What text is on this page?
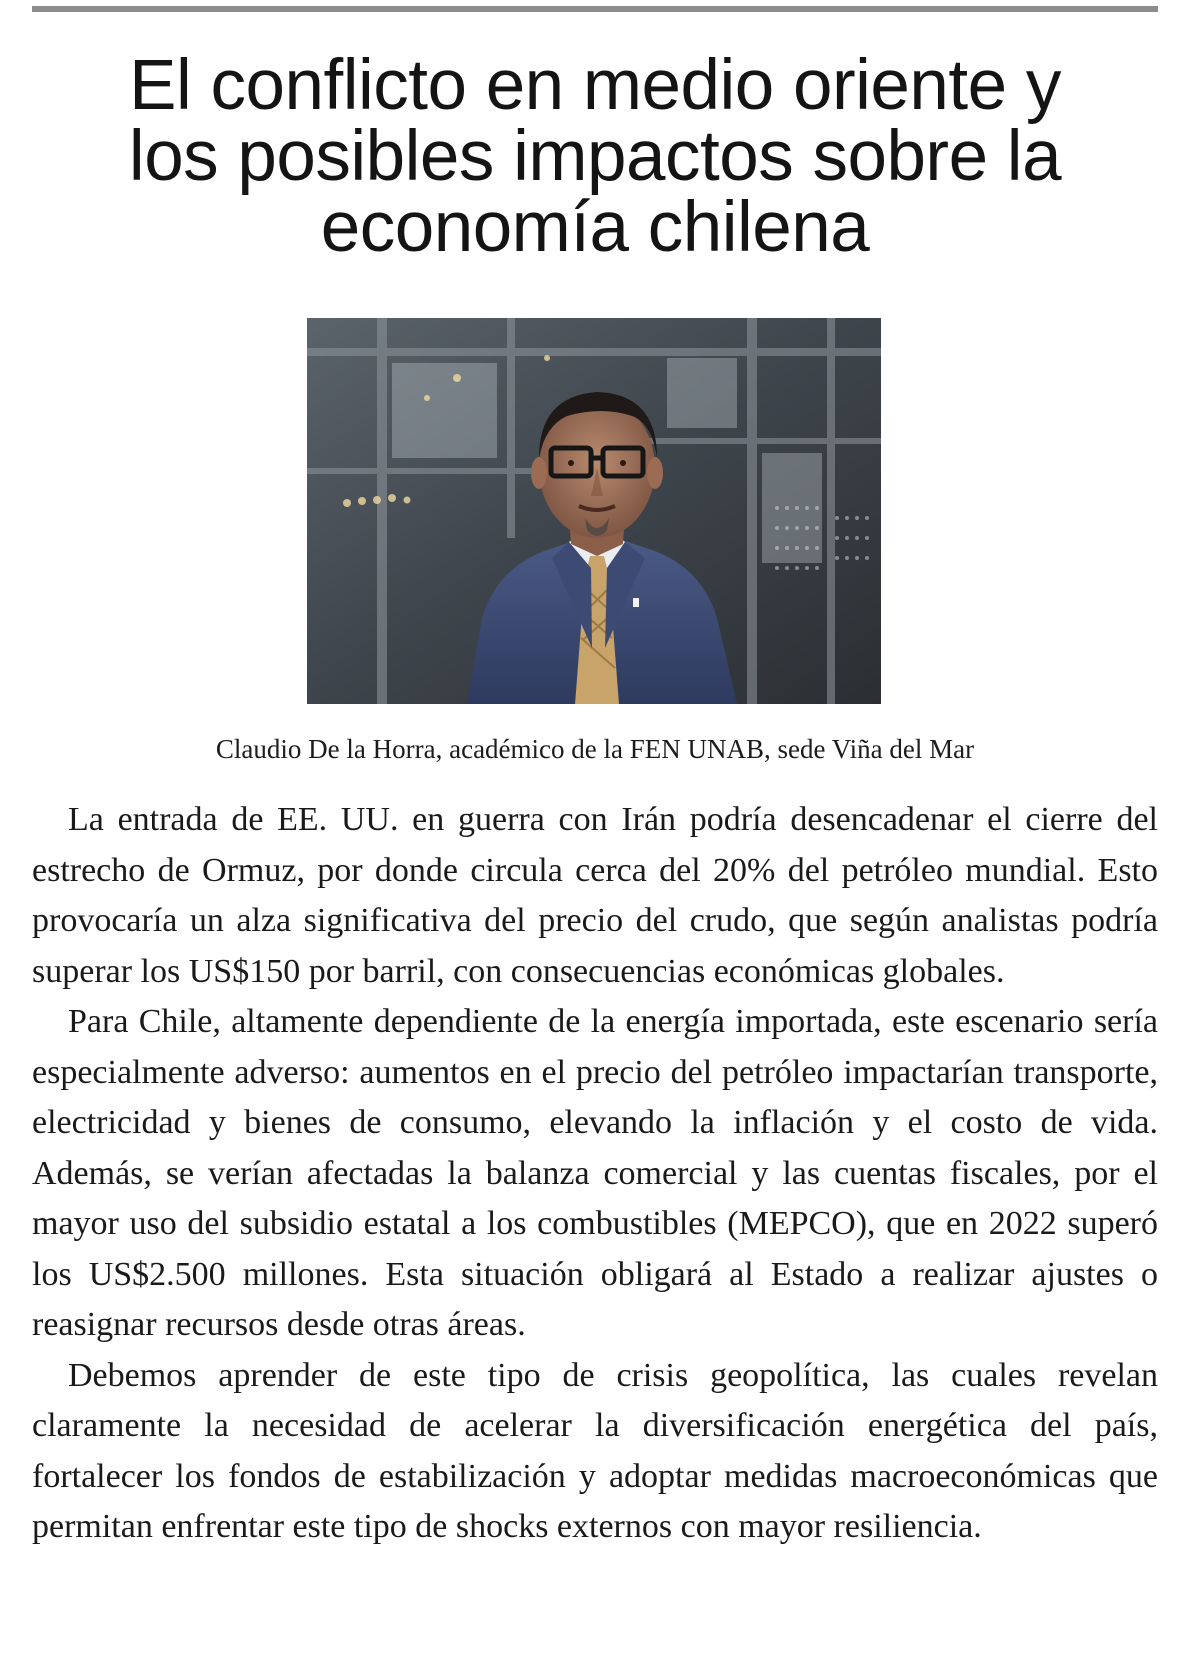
El conflicto en medio oriente y
los posibles impactos sobre la
economía chilena
Claudio De la Horra, académico de la FEN UNAB, sede Viña del Mar

La entrada de EE. UU. en guerra con Irán podría desencadenar el cierre del estrecho de Ormuz, por donde circula cerca del 20% del petróleo mundial. Esto provocaría un alza significativa del precio del crudo, que según analistas podría superar los US$150 por barril, con consecuencias económicas globales.

Para Chile, altamente dependiente de la energía importada, este escenario sería especialmente adverso: aumentos en el precio del petróleo impactarían transporte, electricidad y bienes de consumo, elevando la inflación y el costo de vida. Además, se verían afectadas la balanza comercial y las cuentas fiscales, por el mayor uso del subsidio estatal a los combustibles (MEPCO), que en 2022 superó los US$2.500 millones. Esta situación obligará al Estado a realizar ajustes o reasignar recursos desde otras áreas.

Debemos aprender de este tipo de crisis geopolítica, las cuales revelan claramente la necesidad de acelerar la diversificación energética del país, fortalecer los fondos de estabilización y adoptar medidas macroeconómicas que permitan enfrentar este tipo de shocks externos con mayor resiliencia.
